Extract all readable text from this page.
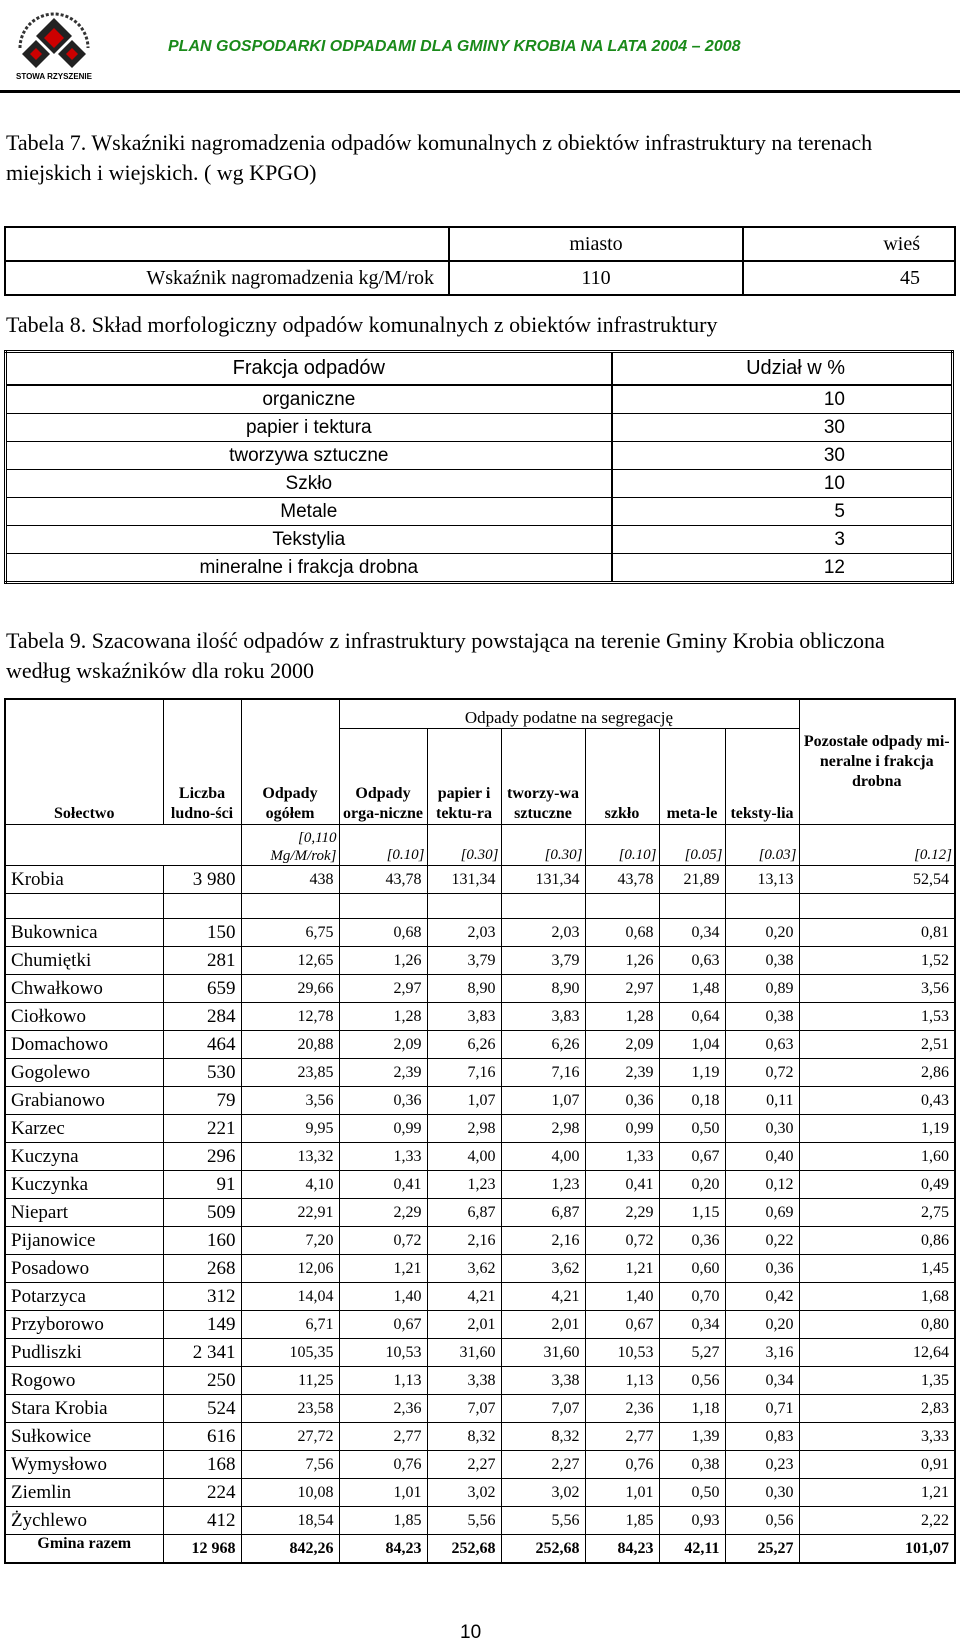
STOWA RZYSZENIE
PLAN GOSPODARKI ODPADAMI DLA GMINY KROBIA NA LATA 2004 – 2008
Tabela 7. Wskaźniki nagromadzenia odpadów komunalnych z obiektów infrastruktury na terenach miejskich i wiejskich. ( wg KPGO)
	miasto	wieś
Wskaźnik nagromadzenia kg/M/rok	110	45
Tabela 8. Skład morfologiczny odpadów komunalnych z obiektów infrastruktury
Frakcja odpadów	Udział w %
organiczne	10
papier i tektura	30
tworzywa sztuczne	30
Szkło	10
Metale	5
Tekstylia	3
mineralne i frakcja drobna	12
Tabela 9. Szacowana ilość odpadów z infrastruktury powstająca na terenie Gminy Krobia obliczona według wskaźników dla roku 2000
Sołectwo	Liczba ludno-ści	Odpady ogółem	Odpady podatne na segregację						Pozostałe odpady mi-neralne i frakcja drobna
			Odpady orga-niczne	papier i tektu-ra	tworzy-wa sztuczne	szkło	meta-le	teksty-lia	
		[0,110 Mg/M/rok]	[0.10]	[0.30]	[0.30]	[0.10]	[0.05]	[0.03]	[0.12]
Krobia	3 980	438	43,78	131,34	131,34	43,78	21,89	13,13	52,54

Bukownica	150	6,75	0,68	2,03	2,03	0,68	0,34	0,20	0,81
Chumiętki	281	12,65	1,26	3,79	3,79	1,26	0,63	0,38	1,52
Chwałkowo	659	29,66	2,97	8,90	8,90	2,97	1,48	0,89	3,56
Ciołkowo	284	12,78	1,28	3,83	3,83	1,28	0,64	0,38	1,53
Domachowo	464	20,88	2,09	6,26	6,26	2,09	1,04	0,63	2,51
Gogolewo	530	23,85	2,39	7,16	7,16	2,39	1,19	0,72	2,86
Grabianowo	79	3,56	0,36	1,07	1,07	0,36	0,18	0,11	0,43
Karzec	221	9,95	0,99	2,98	2,98	0,99	0,50	0,30	1,19
Kuczyna	296	13,32	1,33	4,00	4,00	1,33	0,67	0,40	1,60
Kuczynka	91	4,10	0,41	1,23	1,23	0,41	0,20	0,12	0,49
Niepart	509	22,91	2,29	6,87	6,87	2,29	1,15	0,69	2,75
Pijanowice	160	7,20	0,72	2,16	2,16	0,72	0,36	0,22	0,86
Posadowo	268	12,06	1,21	3,62	3,62	1,21	0,60	0,36	1,45
Potarzyca	312	14,04	1,40	4,21	4,21	1,40	0,70	0,42	1,68
Przyborowo	149	6,71	0,67	2,01	2,01	0,67	0,34	0,20	0,80
Pudliszki	2 341	105,35	10,53	31,60	31,60	10,53	5,27	3,16	12,64
Rogowo	250	11,25	1,13	3,38	3,38	1,13	0,56	0,34	1,35
Stara Krobia	524	23,58	2,36	7,07	7,07	2,36	1,18	0,71	2,83
Sułkowice	616	27,72	2,77	8,32	8,32	2,77	1,39	0,83	3,33
Wymysłowo	168	7,56	0,76	2,27	2,27	0,76	0,38	0,23	0,91
Ziemlin	224	10,08	1,01	3,02	3,02	1,01	0,50	0,30	1,21
Żychlewo	412	18,54	1,85	5,56	5,56	1,85	0,93	0,56	2,22
Gmina razem	12 968	842,26	84,23	252,68	252,68	84,23	42,11	25,27	101,07
10
